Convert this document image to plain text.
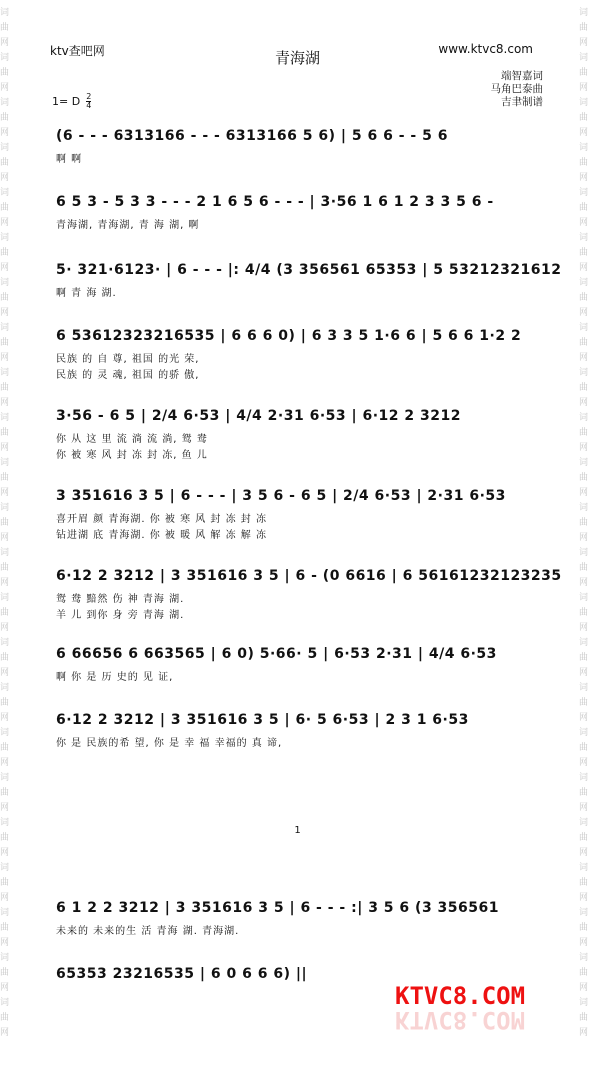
词曲网
词曲网
词曲网
词曲网
词曲网
词曲网
词曲网
词曲网
词曲网
词曲网
词曲网
词曲网
词曲网
词曲网
词曲网
词曲网
词曲网
词曲网
词曲网
词曲网
词曲网
词曲网
词曲网
词曲网
词曲网
词曲网
词曲网
词曲网
词曲网
词曲网
词曲网
词曲网
词曲网
词曲网
词曲网
词曲网
词曲网
词曲网
词曲网
词曲网
词曲网
词曲网
词曲网
词曲网
词曲网
词曲网
ktv查吧网	青海湖	www.ktvc8.com
端智嘉词
马角巴泰曲
吉聿制谱
1= D $\frac{2}{4}$
(6 - - - 6313166 - - - 6313166 5 6) | 5 6 6 - - 5 6
啊 啊
6 5 3 - 5 3 3 - - - 2 1 6 5 6 - - - | 3·56 1 6 1 2 3 3 5 6 -
青海湖, 青海湖, 青 海 湖, 啊
5· 321·6123· | 6 - - - |: 4/4 (3 356561 65353 | 5 53212321612
啊 青 海 湖.
6 53612323216535 | 6 6 6 0) | 6 3 3 5 1·6 6 | 5 6 6 1·2 2
民族 的 自 尊, 祖国 的光 荣,
民族 的 灵 魂, 祖国 的骄 傲,
3·56 - 6 5 | 2/4 6·53 | 4/4 2·31 6·53 | 6·12 2 3212
你 从 这 里 流 淌 流 淌, 鸳 鸯
你 被 寒 风 封 冻 封 冻, 鱼 儿
3 351616 3 5 | 6 - - - | 3 5 6 - 6 5 | 2/4 6·53 | 2·31 6·53
喜开眉 颜 青海湖. 你 被 寒 风 封 冻 封 冻
钻进湖 底 青海湖. 你 被 暖 风 解 冻 解 冻
6·12 2 3212 | 3 351616 3 5 | 6 - (0 6616 | 6 56161232123235
鸳 鸯 黯然 伤 神 青海 湖.
羊 儿 到你 身 旁 青海 湖.
6 66656 6 663565 | 6 0) 5·66· 5 | 6·53 2·31 | 4/4 6·53
啊 你 是 历 史的 见 证,
6·12 2 3212 | 3 351616 3 5 | 6· 5 6·53 | 2 3 1 6·53
你 是 民族的希 望, 你 是 幸 福 幸福的 真 谛,
1
6 1 2 2 3212 | 3 351616 3 5 | 6 - - - :| 3 5 6 (3 356561
未来的 未来的生 活 青海 湖. 青海湖.
65353 23216535 | 6 0 6 6 6) ||
KTVC8.COM
KTVC8.COM
